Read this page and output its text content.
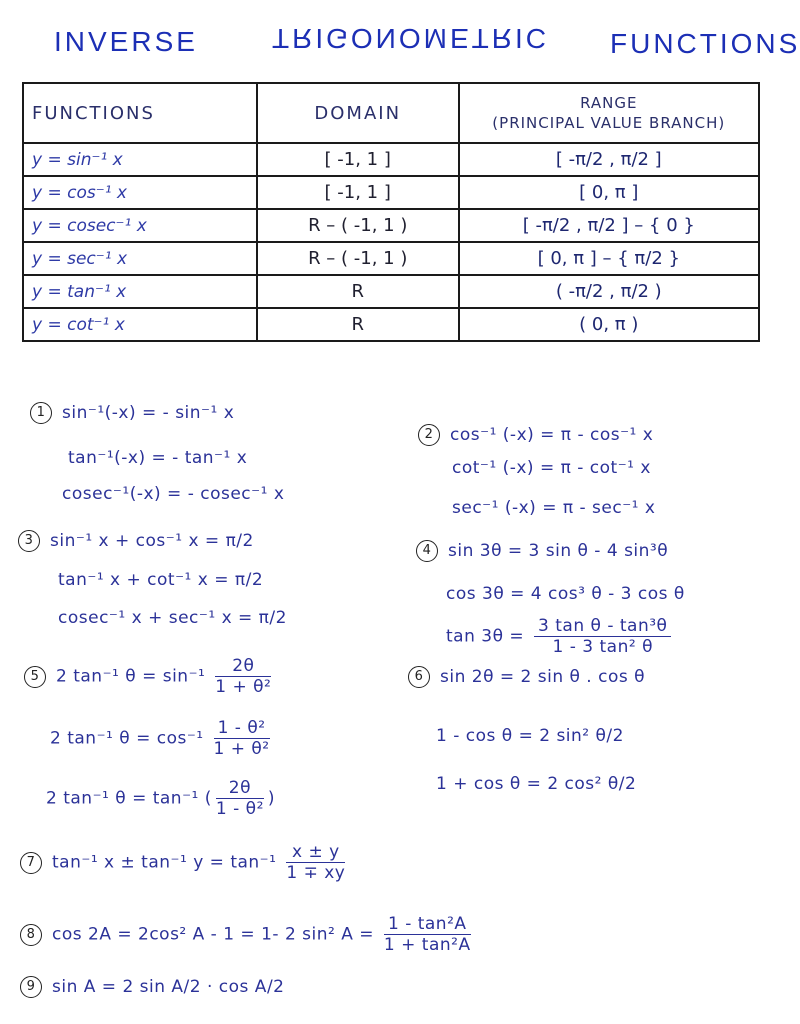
INVERSE	TRIGONOMETRIC FUNCTIONS
FUNCTIONS	DOMAIN	RANGE
(PRINCIPAL VALUE BRANCH)
y = sin⁻¹ x	[ -1, 1 ]	[ -π/2 , π/2 ]
y = cos⁻¹ x	[ -1, 1 ]	[ 0, π ]
y = cosec⁻¹ x	R – ( -1, 1 )	[ -π/2 , π/2 ] – { 0 }
y = sec⁻¹ x	R – ( -1, 1 )	[ 0, π ] – { π/2 }
y = tan⁻¹ x	R	( -π/2 , π/2 )
y = cot⁻¹ x	R	( 0, π )
1 sin⁻¹(-x) = - sin⁻¹ x
tan⁻¹(-x) = - tan⁻¹ x
cosec⁻¹(-x) = - cosec⁻¹ x
2 cos⁻¹ (-x) = π - cos⁻¹ x
cot⁻¹ (-x) = π - cot⁻¹ x
sec⁻¹ (-x) = π - sec⁻¹ x
3 sin⁻¹ x + cos⁻¹ x = π/2
tan⁻¹ x + cot⁻¹ x = π/2
cosec⁻¹ x + sec⁻¹ x = π/2
4 sin 3θ = 3 sin θ - 4 sin³θ
cos 3θ = 4 cos³ θ - 3 cos θ
$\tan 3\theta = \frac{\text{3 tan θ - tan³θ}}{\text{1 - 3 tan² θ}}$
5 2 tan⁻¹ $\theta = \sin^{-1} \frac{2\theta}{\text{1 + θ²}}$
2 tan⁻¹ $\theta = \cos^{-1} \frac{\text{1 - θ²}}{\text{1 + θ²}}$
2 tan⁻¹ θ = tan⁻¹ ( $\frac{2\theta}{\text{1 - θ²}}$ )
6 sin 2θ = 2 sin θ . cos θ
1 - cos θ = 2 sin² θ/2
1 + cos θ = 2 cos² θ/2
7 tan⁻¹ x ± tan⁻¹ $y = \tan^{-1} \frac{x \pm y}{1 \mp xy}$
8 cos 2A = 2cos² A - 1 = 1- 2 sin² $A = \frac{\text{1 - tan²A}}{\text{1 + tan²A}}$
9 sin A = 2 sin A/2 · cos A/2
